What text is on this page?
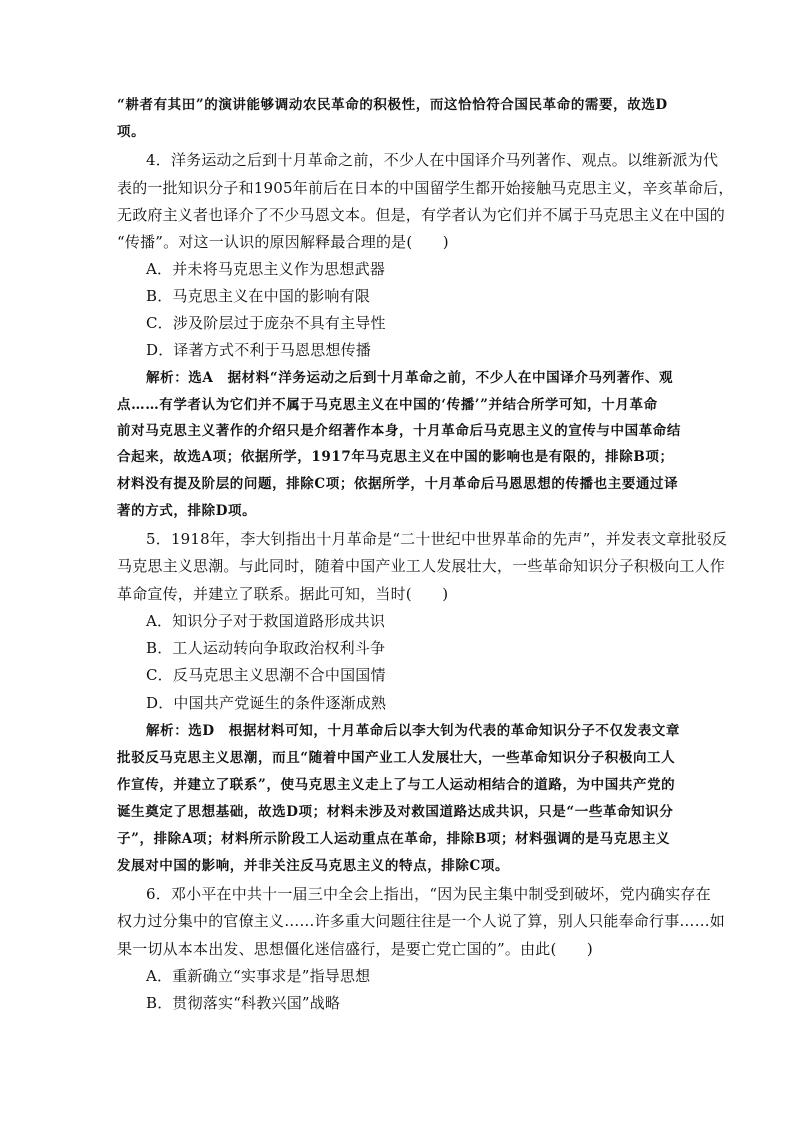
“耕者有其田”的演讲能够调动农民革命的积极性，而这恰恰符合国民革命的需要，故选D
项。
4．洋务运动之后到十月革命之前，不少人在中国译介马列著作、观点。以维新派为代
表的一批知识分子和1905年前后在日本的中国留学生都开始接触马克思主义，辛亥革命后，
无政府主义者也译介了不少马恩文本。但是，有学者认为它们并不属于马克思主义在中国的
“传播”。对这一认识的原因解释最合理的是(　　)
A．并未将马克思主义作为思想武器
B．马克思主义在中国的影响有限
C．涉及阶层过于庞杂不具有主导性
D．译著方式不利于马恩思想传播
解析：选A　据材料“洋务运动之后到十月革命之前，不少人在中国译介马列著作、观
点……有学者认为它们并不属于马克思主义在中国的‘传播’”并结合所学可知，十月革命
前对马克思主义著作的介绍只是介绍著作本身，十月革命后马克思主义的宣传与中国革命结
合起来，故选A项；依据所学，1917年马克思主义在中国的影响也是有限的，排除B项；
材料没有提及阶层的问题，排除C项；依据所学，十月革命后马恩思想的传播也主要通过译
著的方式，排除D项。
5．1918年，李大钊指出十月革命是“二十世纪中世界革命的先声”，并发表文章批驳反
马克思主义思潮。与此同时，随着中国产业工人发展壮大，一些革命知识分子积极向工人作
革命宣传，并建立了联系。据此可知，当时(　　)
A．知识分子对于救国道路形成共识
B．工人运动转向争取政治权利斗争
C．反马克思主义思潮不合中国国情
D．中国共产党诞生的条件逐渐成熟
解析：选D　根据材料可知，十月革命后以李大钊为代表的革命知识分子不仅发表文章
批驳反马克思主义思潮，而且“随着中国产业工人发展壮大，一些革命知识分子积极向工人
作宣传，并建立了联系”，使马克思主义走上了与工人运动相结合的道路，为中国共产党的
诞生奠定了思想基础，故选D项；材料未涉及对救国道路达成共识，只是“一些革命知识分
子”，排除A项；材料所示阶段工人运动重点在革命，排除B项；材料强调的是马克思主义
发展对中国的影响，并非关注反马克思主义的特点，排除C项。
6．邓小平在中共十一届三中全会上指出，“因为民主集中制受到破坏，党内确实存在
权力过分集中的官僚主义……许多重大问题往往是一个人说了算，别人只能奉命行事……如
果一切从本本出发、思想僵化迷信盛行，是要亡党亡国的”。由此(　　)
A．重新确立“实事求是”指导思想
B．贯彻落实“科教兴国”战略
